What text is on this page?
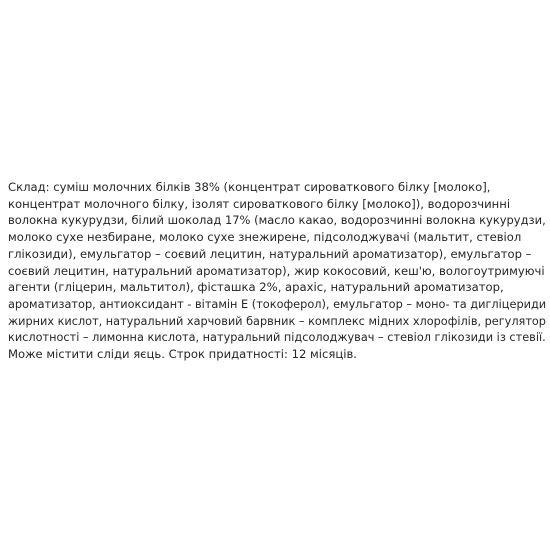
Склад: суміш молочних білків 38% (концентрат сироваткового білку [молоко],
концентрат молочного білку, ізолят сироваткового білку [молоко]), водорозчинні
волокна кукурудзи, білий шоколад 17% (масло какао, водорозчинні волокна кукурудзи,
молоко сухе незбиране, молоко сухе знежирене, підсолоджувачі (мальтит, стевіол
глікозиди), емульгатор – соєвий лецитин, натуральний ароматизатор), емульгатор –
соєвий лецитин, натуральний ароматизатор), жир кокосовий, кеш'ю, вологоутримуючі
агенти (гліцерин, мальтитол), фісташка 2%, арахіс, натуральний ароматизатор,
ароматизатор, антиоксидант - вітамін Е (токоферол), емульгатор – моно- та дигліцериди
жирних кислот, натуральний харчовий барвник – комплекс мідних хлорофілів, регулятор
кислотності – лимонна кислота, натуральний підсолоджувач – стевіол глікозиди із стевії.
Може містити сліди яєць. Строк придатності: 12 місяців.
